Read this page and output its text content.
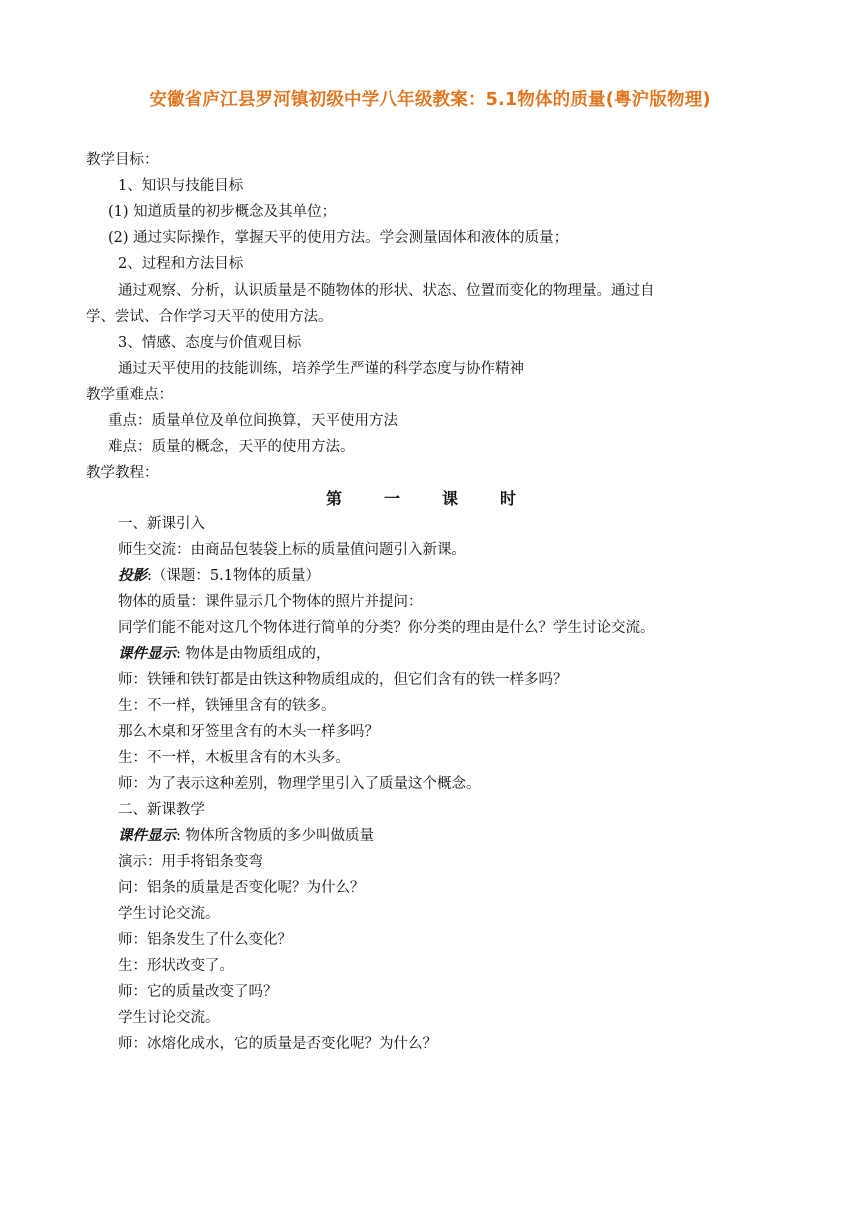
安徽省庐江县罗河镇初级中学八年级教案：5.1物体的质量(粤沪版物理)
教学目标：
1、知识与技能目标
(1) 知道质量的初步概念及其单位；
(2) 通过实际操作，掌握天平的使用方法。学会测量固体和液体的质量；
2、过程和方法目标
通过观察、分析，认识质量是不随物体的形状、状态、位置而变化的物理量。通过自
学、尝试、合作学习天平的使用方法。
3、情感、态度与价值观目标
通过天平使用的技能训练，培养学生严谨的科学态度与协作精神
教学重难点：
重点：质量单位及单位间换算，天平使用方法
难点：质量的概念，天平的使用方法。
教学教程：
第	一	课	时
一、新课引入
师生交流：由商品包装袋上标的质量值问题引入新课。
投影:（课题：5.1物体的质量）
物体的质量：课件显示几个物体的照片并提问：
同学们能不能对这几个物体进行简单的分类？你分类的理由是什么？学生讨论交流。
课件显示: 物体是由物质组成的，
师：铁锤和铁钉都是由铁这种物质组成的，但它们含有的铁一样多吗？
生：不一样，铁锤里含有的铁多。
那么木桌和牙签里含有的木头一样多吗？
生：不一样，木板里含有的木头多。
师：为了表示这种差别，物理学里引入了质量这个概念。
二、新课教学
课件显示: 物体所含物质的多少叫做质量
演示：用手将铝条变弯
问：铝条的质量是否变化呢？为什么？
学生讨论交流。
师：铝条发生了什么变化？
生：形状改变了。
师：它的质量改变了吗？
学生讨论交流。
师：冰熔化成水，它的质量是否变化呢？为什么？
